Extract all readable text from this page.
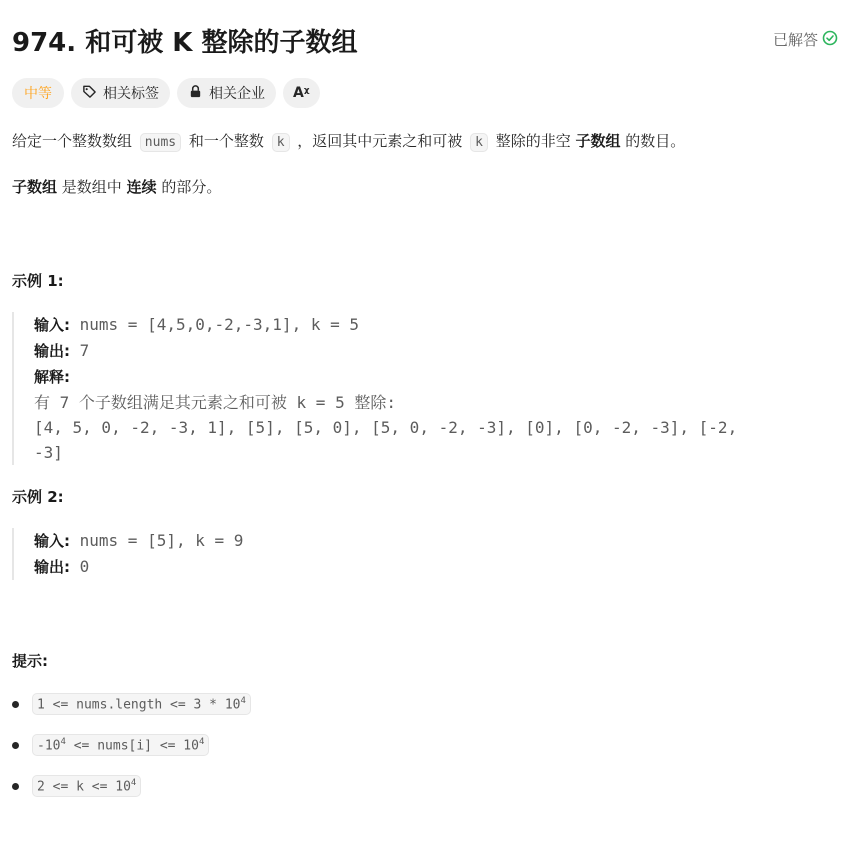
974. 和可被 K 整除的子数组	已解答
中等	相关标签	相关企业 Aᵡ
给定一个整数数组 nums 和一个整数 k ，返回其中元素之和可被 k 整除的非空 子数组 的数目。
子数组 是数组中 连续 的部分。
示例 1:
输入: nums = [4,5,0,-2,-3,1], k = 5
输出: 7
解释:
有 7 个子数组满足其元素之和可被 k = 5 整除:
[4, 5, 0, -2, -3, 1], [5], [5, 0], [5, 0, -2, -3], [0], [0, -2, -3], [-2,
-3]
示例 2:
输入: nums = [5], k = 9
输出: 0
提示:
1 <= nums.length <= $3 * 10^4$
$-10^4$ <= nums[i] <= $10^4$
$2 <= k <= 10^4$
